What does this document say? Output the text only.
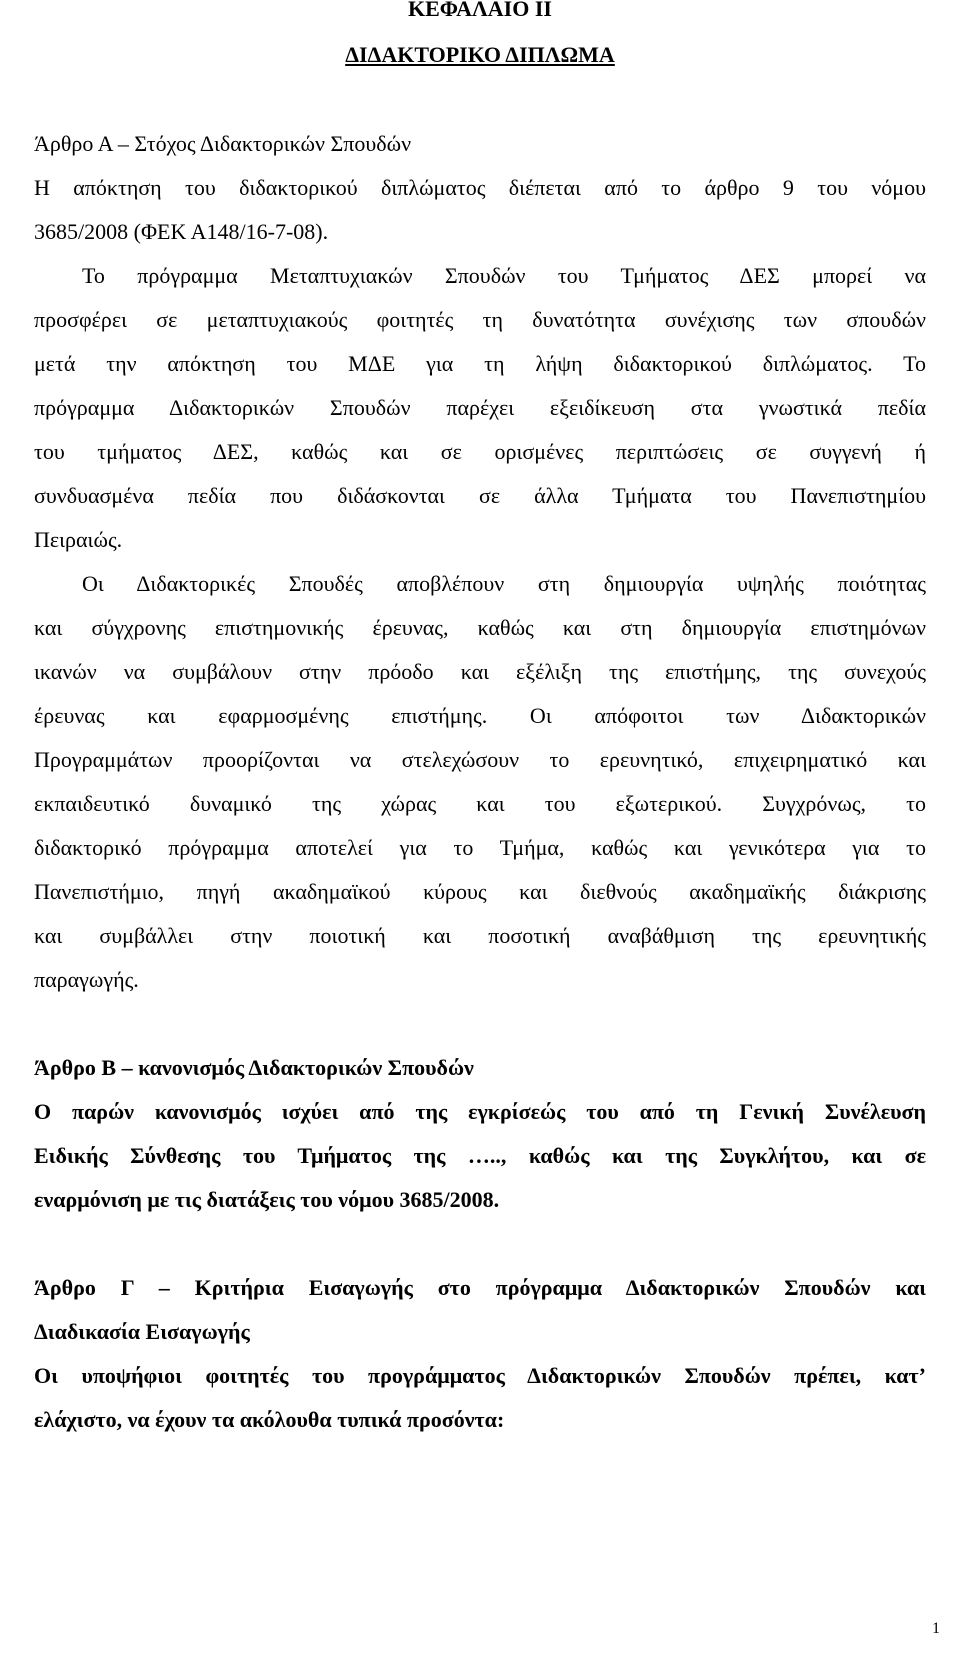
ΚΕΦΑΛΑΙΟ ΙΙ
ΔΙΔΑΚΤΟΡΙΚΟ ΔΙΠΛΩΜΑ
Άρθρο Α – Στόχος Διδακτορικών Σπουδών
Η απόκτηση του διδακτορικού διπλώματος διέπεται από το άρθρο 9 του νόμου
3685/2008 (ΦΕΚ Α148/16-7-08).
Το πρόγραμμα Μεταπτυχιακών Σπουδών του Τμήματος ΔΕΣ μπορεί να
προσφέρει σε μεταπτυχιακούς φοιτητές τη δυνατότητα συνέχισης των σπουδών
μετά την απόκτηση του ΜΔΕ για τη λήψη διδακτορικού διπλώματος. Το
πρόγραμμα Διδακτορικών Σπουδών παρέχει εξειδίκευση στα γνωστικά πεδία
του τμήματος ΔΕΣ, καθώς και σε ορισμένες περιπτώσεις σε συγγενή ή
συνδυασμένα πεδία που διδάσκονται σε άλλα Τμήματα του Πανεπιστημίου
Πειραιώς.
Οι Διδακτορικές Σπουδές αποβλέπουν στη δημιουργία υψηλής ποιότητας
και σύγχρονης επιστημονικής έρευνας, καθώς και στη δημιουργία επιστημόνων
ικανών να συμβάλουν στην πρόοδο και εξέλιξη της επιστήμης, της συνεχούς
έρευνας και εφαρμοσμένης επιστήμης. Οι απόφοιτοι των Διδακτορικών
Προγραμμάτων προορίζονται να στελεχώσουν το ερευνητικό, επιχειρηματικό και
εκπαιδευτικό δυναμικό της χώρας και του εξωτερικού. Συγχρόνως, το
διδακτορικό πρόγραμμα αποτελεί για το Τμήμα, καθώς και γενικότερα για το
Πανεπιστήμιο, πηγή ακαδημαϊκού κύρους και διεθνούς ακαδημαϊκής διάκρισης
και συμβάλλει στην ποιοτική και ποσοτική αναβάθμιση της ερευνητικής
παραγωγής.
Άρθρο Β – κανονισμός Διδακτορικών Σπουδών
Ο παρών κανονισμός ισχύει από της εγκρίσεώς του από τη Γενική Συνέλευση
Ειδικής Σύνθεσης του Τμήματος της ….., καθώς και της Συγκλήτου, και σε
εναρμόνιση με τις διατάξεις του νόμου 3685/2008.
Άρθρο Γ – Κριτήρια Εισαγωγής στο πρόγραμμα Διδακτορικών Σπουδών και
Διαδικασία Εισαγωγής
Οι υποψήφιοι φοιτητές του προγράμματος Διδακτορικών Σπουδών πρέπει, κατ’
ελάχιστο, να έχουν τα ακόλουθα τυπικά προσόντα:
1
